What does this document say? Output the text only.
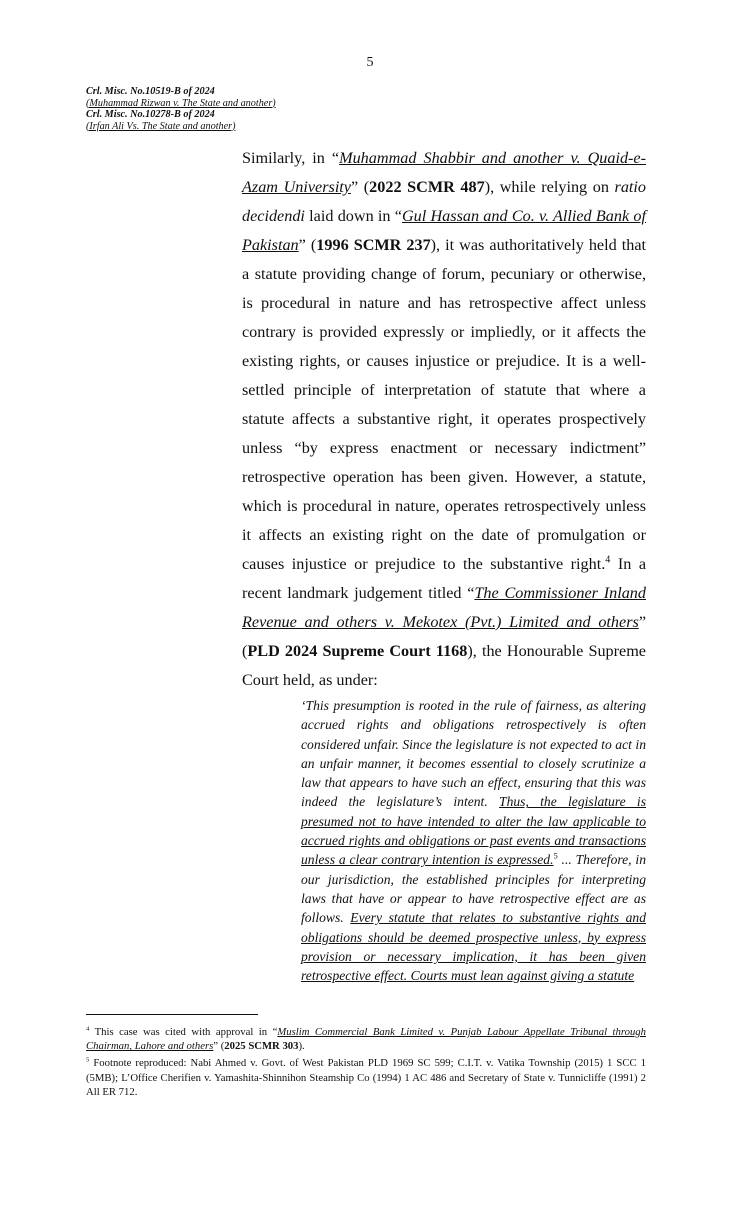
5
Crl. Misc. No.10519-B of 2024
(Muhammad Rizwan v. The State and another)
Crl. Misc. No.10278-B of 2024
(Irfan Ali Vs. The State and another)

Similarly, in “Muhammad Shabbir and another v. Quaid-e-Azam University” (2022 SCMR 487), while relying on ratio decidendi laid down in “Gul Hassan and Co. v. Allied Bank of Pakistan” (1996 SCMR 237), it was authoritatively held that a statute providing change of forum, pecuniary or otherwise, is procedural in nature and has retrospective affect unless contrary is provided expressly or impliedly, or it affects the existing rights, or causes injustice or prejudice. It is a well-settled principle of interpretation of statute that where a statute affects a substantive right, it operates prospectively unless “by express enactment or necessary indictment” retrospective operation has been given. However, a statute, which is procedural in nature, operates retrospectively unless it affects an existing right on the date of promulgation or causes injustice or prejudice to the substantive right.$^4$ In a recent landmark judgement titled “The Commissioner Inland Revenue and others v. Mekotex (Pvt.) Limited and others” (PLD 2024 Supreme Court 1168), the Honourable Supreme Court held, as under:

‘This presumption is rooted in the rule of fairness, as altering accrued rights and obligations retrospectively is often considered unfair. Since the legislature is not expected to act in an unfair manner, it becomes essential to closely scrutinize a law that appears to have such an effect, ensuring that this was indeed the legislature’s intent. Thus, the legislature is presumed not to have intended to alter the law applicable to accrued rights and obligations or past events and transactions unless a clear contrary intention is expressed.$^5$ ... Therefore, in our jurisdiction, the established principles for interpreting laws that have or appear to have retrospective effect are as follows. Every statute that relates to substantive rights and obligations should be deemed prospective unless, by express provision or necessary implication, it has been given retrospective effect. Courts must lean against giving a statute

$^4$ This case was cited with approval in “Muslim Commercial Bank Limited v. Punjab Labour Appellate Tribunal through Chairman, Lahore and others” (2025 SCMR 303).

$^5$ Footnote reproduced: Nabi Ahmed v. Govt. of West Pakistan PLD 1969 SC 599; C.I.T. v. Vatika Township (2015) 1 SCC 1 (5MB); L’Office Cherifien v. Yamashita-Shinnihon Steamship Co (1994) 1 AC 486 and Secretary of State v. Tunnicliffe (1991) 2 All ER 712.
